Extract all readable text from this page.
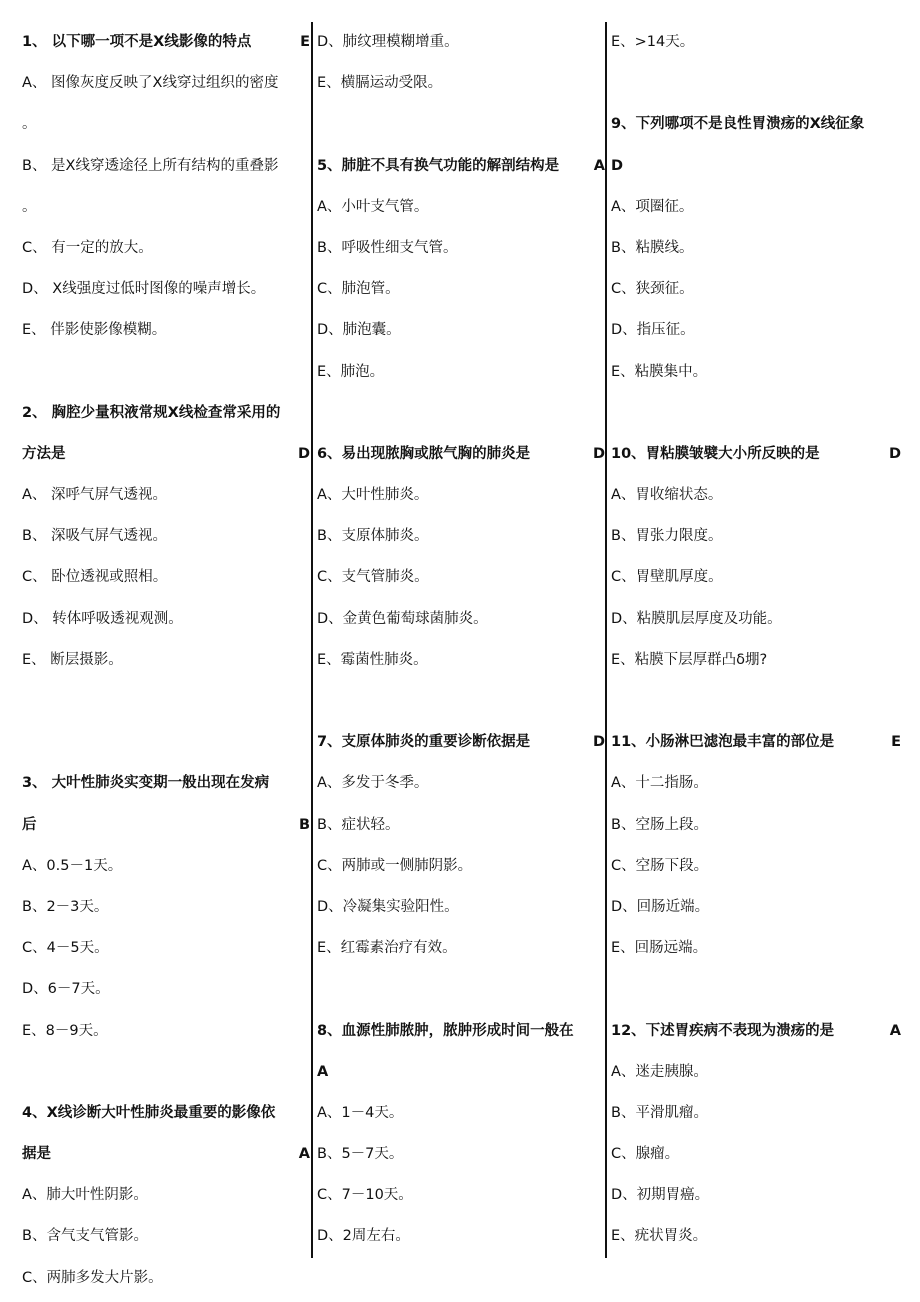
1、 以下哪一项不是X线影像的特点	E
A、 图像灰度反映了X线穿过组织的密度
。
B、 是X线穿透途径上所有结构的重叠影
。
C、 有一定的放大。
D、 X线强度过低时图像的噪声增长。
E、 伴影使影像模糊。
2、 胸腔少量积液常规X线检查常采用的
方法是	D
A、 深呼气屏气透视。
B、 深吸气屏气透视。
C、 卧位透视或照相。
D、 转体呼吸透视观测。
E、 断层摄影。
3、 大叶性肺炎实变期一般出现在发病
后	B
A、0.5－1天。
B、2－3天。
C、4－5天。
D、6－7天。
E、8－9天。
4、X线诊断大叶性肺炎最重要的影像依
据是	A
A、肺大叶性阴影。
B、含气支气管影。
C、两肺多发大片影。
D、肺纹理模糊增重。
E、横膈运动受限。
5、肺脏不具有换气功能的解剖结构是 A
A、小叶支气管。
B、呼吸性细支气管。
C、肺泡管。
D、肺泡囊。
E、肺泡。
6、易出现脓胸或脓气胸的肺炎是	D
A、大叶性肺炎。
B、支原体肺炎。
C、支气管肺炎。
D、金黄色葡萄球菌肺炎。
E、霉菌性肺炎。
7、支原体肺炎的重要诊断依据是	D
A、多发于冬季。
B、症状轻。
C、两肺或一侧肺阴影。
D、冷凝集实验阳性。
E、红霉素治疗有效。
8、血源性肺脓肿，脓肿形成时间一般在
A
A、1－4天。
B、5－7天。
C、7－10天。
D、2周左右。
E、>14天。
9、下列哪项不是良性胃溃疡的X线征象
D
A、项圈征。
B、粘膜线。
C、狭颈征。
D、指压征。
E、粘膜集中。
10、胃粘膜皱襞大小所反映的是	D
A、胃收缩状态。
B、胃张力限度。
C、胃壁肌厚度。
D、粘膜肌层厚度及功能。
E、粘膜下层厚群凸δ堋?
11、小肠淋巴滤泡最丰富的部位是	E
A、十二指肠。
B、空肠上段。
C、空肠下段。
D、回肠近端。
E、回肠远端。
12、下述胃疾病不表现为溃疡的是	A
A、迷走胰腺。
B、平滑肌瘤。
C、腺瘤。
D、初期胃癌。
E、疣状胃炎。
